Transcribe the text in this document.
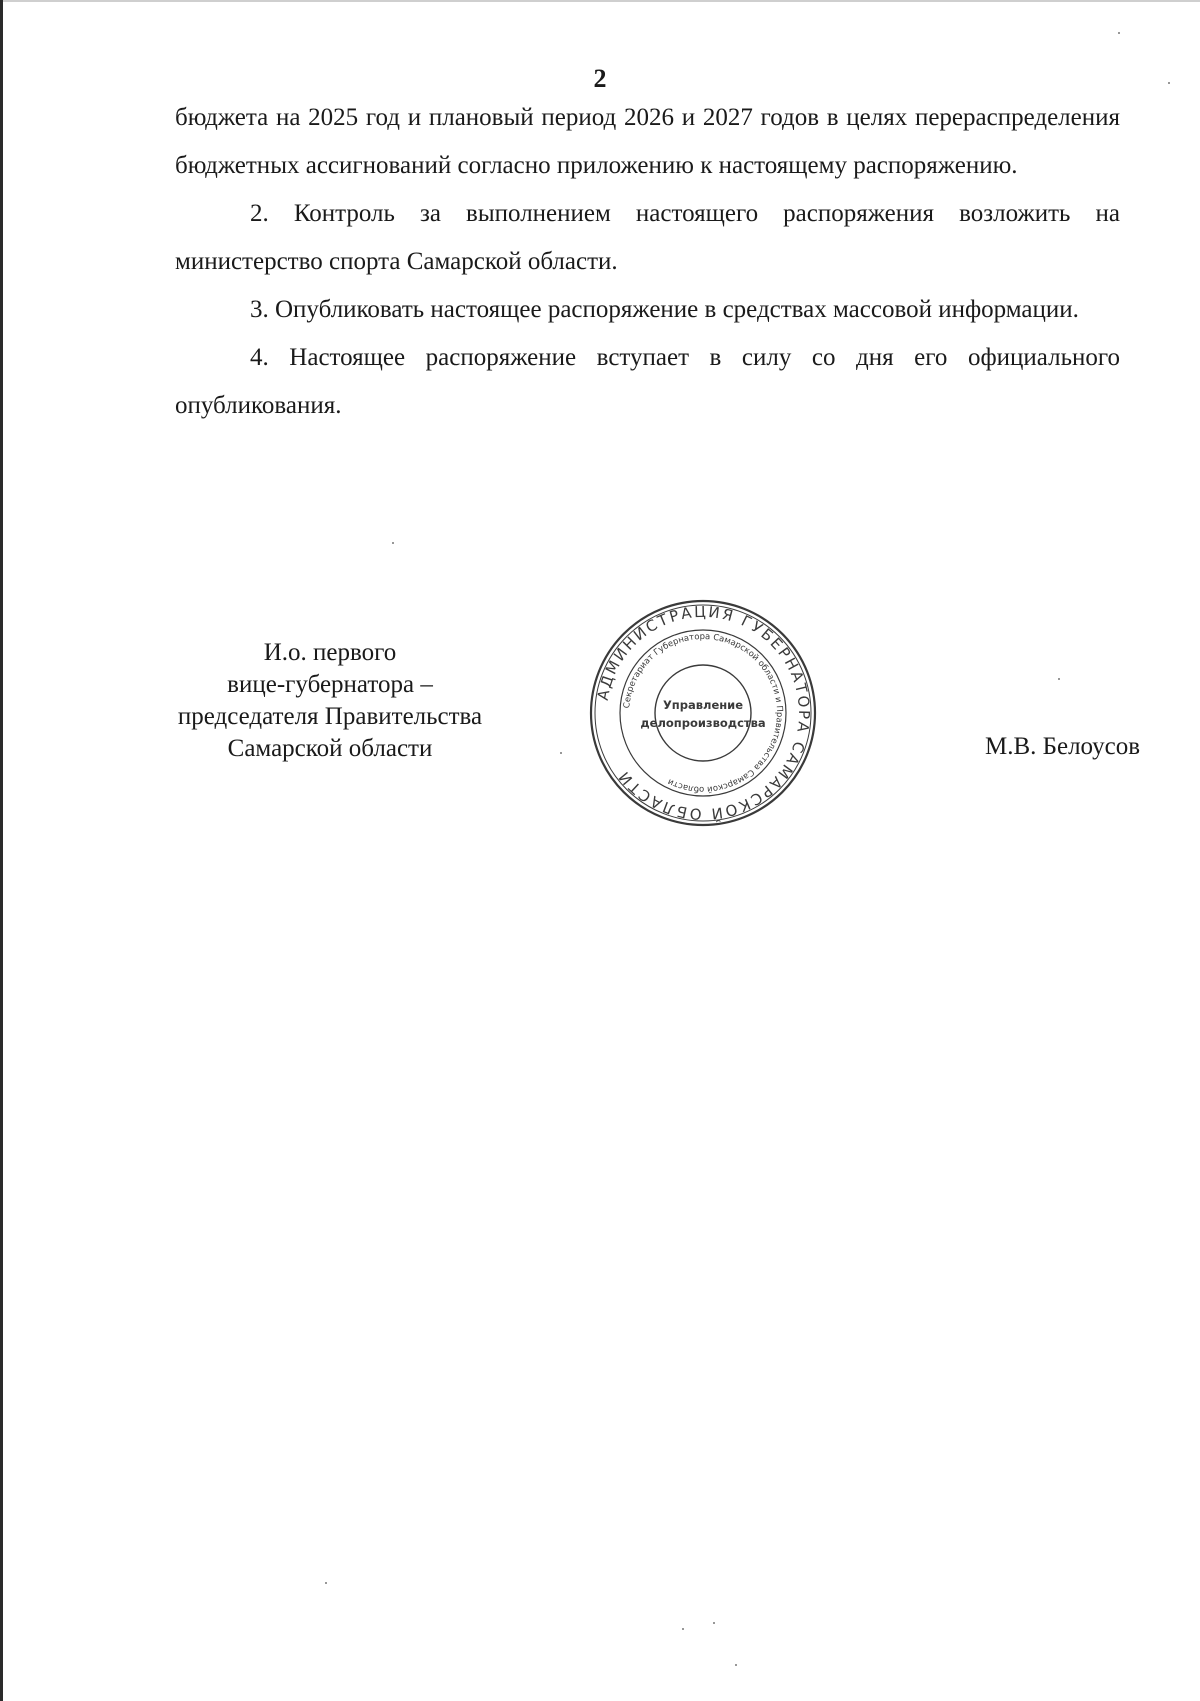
2

бюджета на 2025 год и плановый период 2026 и 2027 годов в целях перераспределения бюджетных ассигнований согласно приложению к настоящему распоряжению.

2. Контроль за выполнением настоящего распоряжения возложить на министерство спорта Самарской области.

3. Опубликовать настоящее распоряжение в средствах массовой информации.

4. Настоящее распоряжение вступает в силу со дня его официального опубликования.

И.о. первого
вице-губернатора –
председателя Правительства
Самарской области	М.В. Белоусов
АДМИНИСТРАЦИЯ ГУБЕРНАТОРА САМАРСКОЙ ОБЛАСТИ
Секретариат Губернатора Самарской области и Правительства Самарской области
Управление
делопроизводства
